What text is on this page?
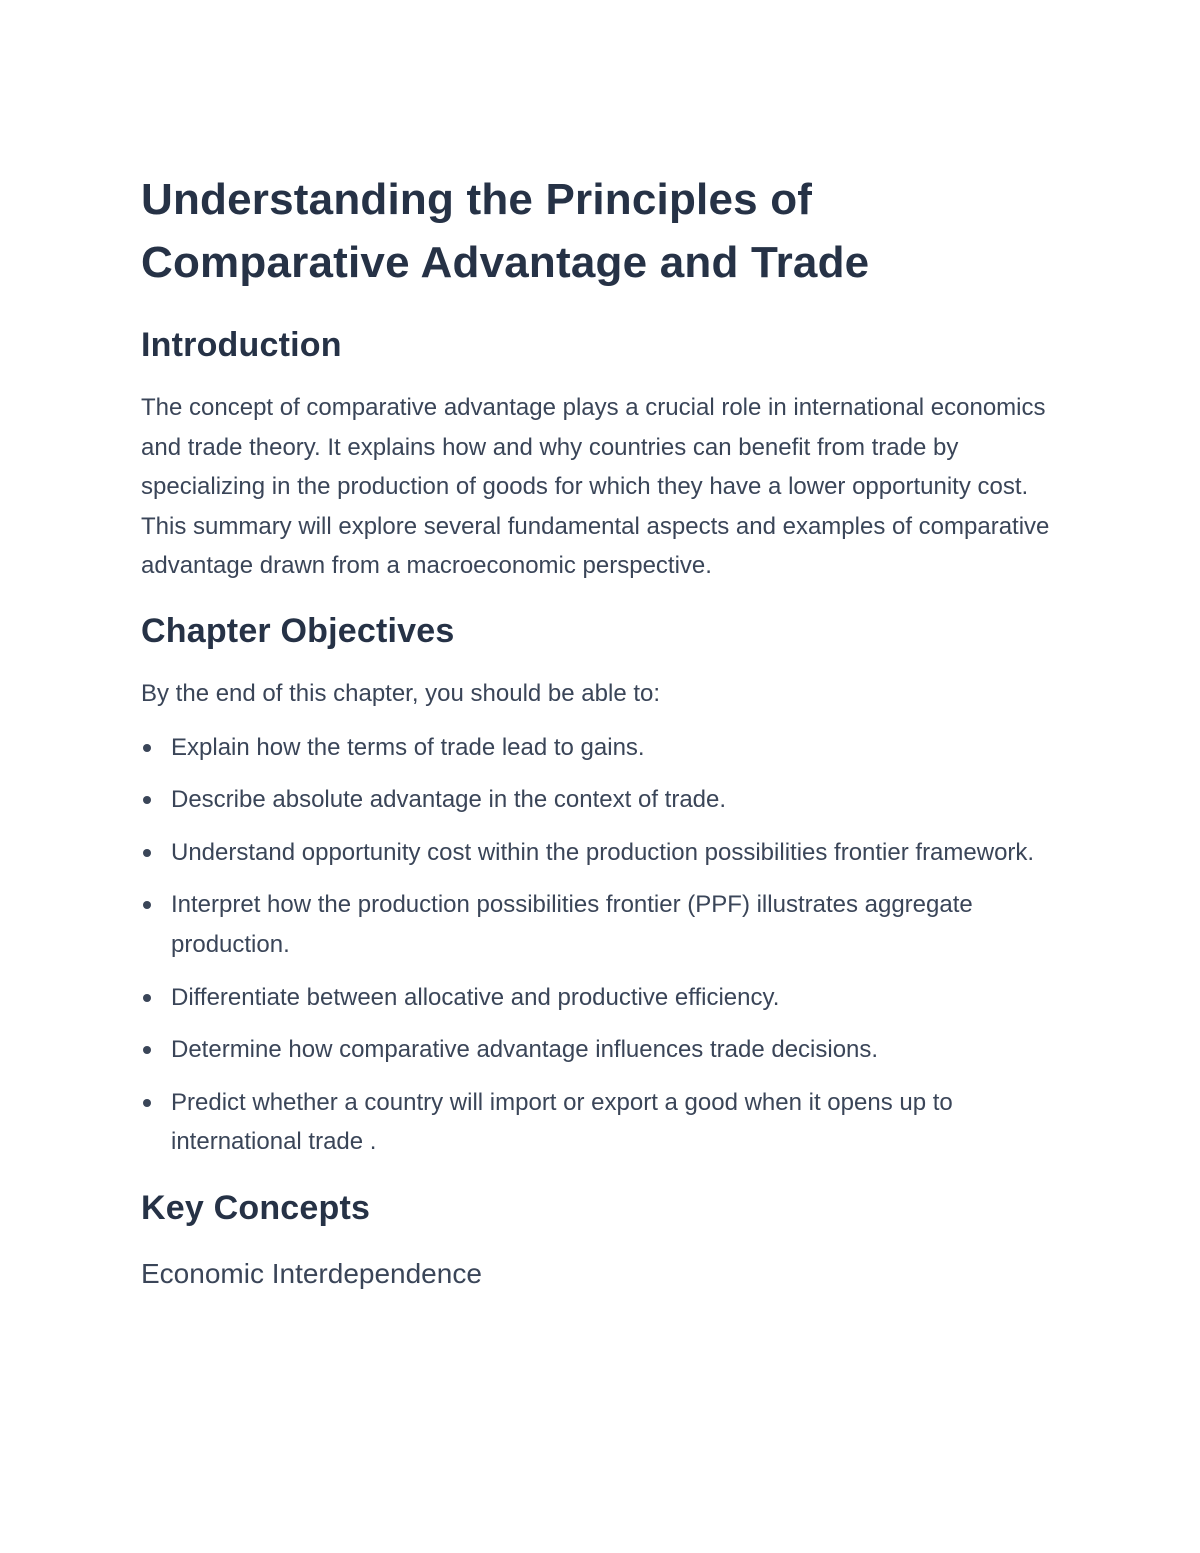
Understanding the Principles of Comparative Advantage and Trade
Introduction

The concept of comparative advantage plays a crucial role in international economics and trade theory. It explains how and why countries can benefit from trade by specializing in the production of goods for which they have a lower opportunity cost. This summary will explore several fundamental aspects and examples of comparative advantage drawn from a macroeconomic perspective.

Chapter Objectives

By the end of this chapter, you should be able to:

Explain how the terms of trade lead to gains.
Describe absolute advantage in the context of trade.
Understand opportunity cost within the production possibilities frontier framework.
Interpret how the production possibilities frontier (PPF) illustrates aggregate production.
Differentiate between allocative and productive efficiency.
Determine how comparative advantage influences trade decisions.
Predict whether a country will import or export a good when it opens up to international trade .
Key Concepts
Economic Interdependence
